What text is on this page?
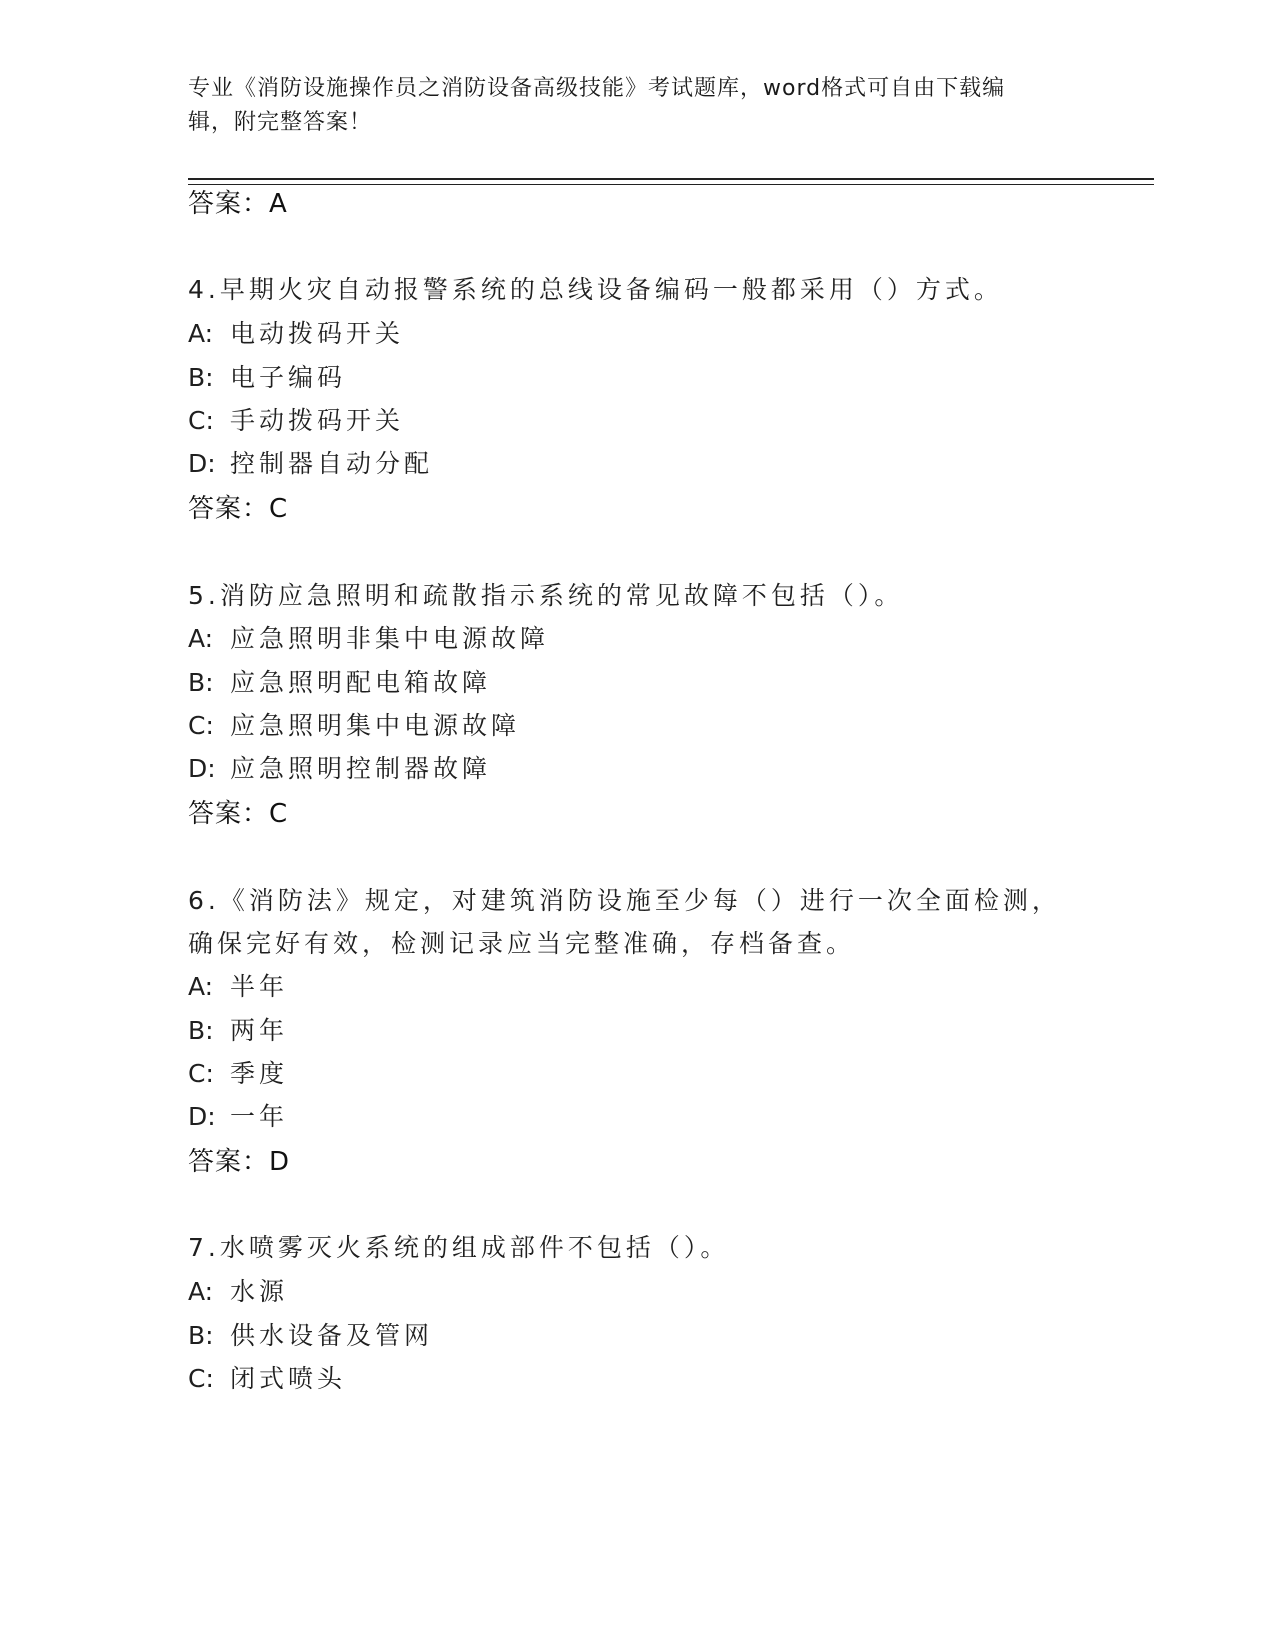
专业《消防设施操作员之消防设备高级技能》考试题库，word格式可自由下载编
辑，附完整答案！
答案：A
4.早期火灾自动报警系统的总线设备编码一般都采用（）方式。
A: 电动拨码开关
B: 电子编码
C: 手动拨码开关
D: 控制器自动分配
答案：C
5.消防应急照明和疏散指示系统的常见故障不包括（）。
A: 应急照明非集中电源故障
B: 应急照明配电箱故障
C: 应急照明集中电源故障
D: 应急照明控制器故障
答案：C
6.《消防法》规定，对建筑消防设施至少每（）进行一次全面检测，
确保完好有效，检测记录应当完整准确，存档备查。
A: 半年
B: 两年
C: 季度
D: 一年
答案：D
7.水喷雾灭火系统的组成部件不包括（）。
A: 水源
B: 供水设备及管网
C: 闭式喷头
